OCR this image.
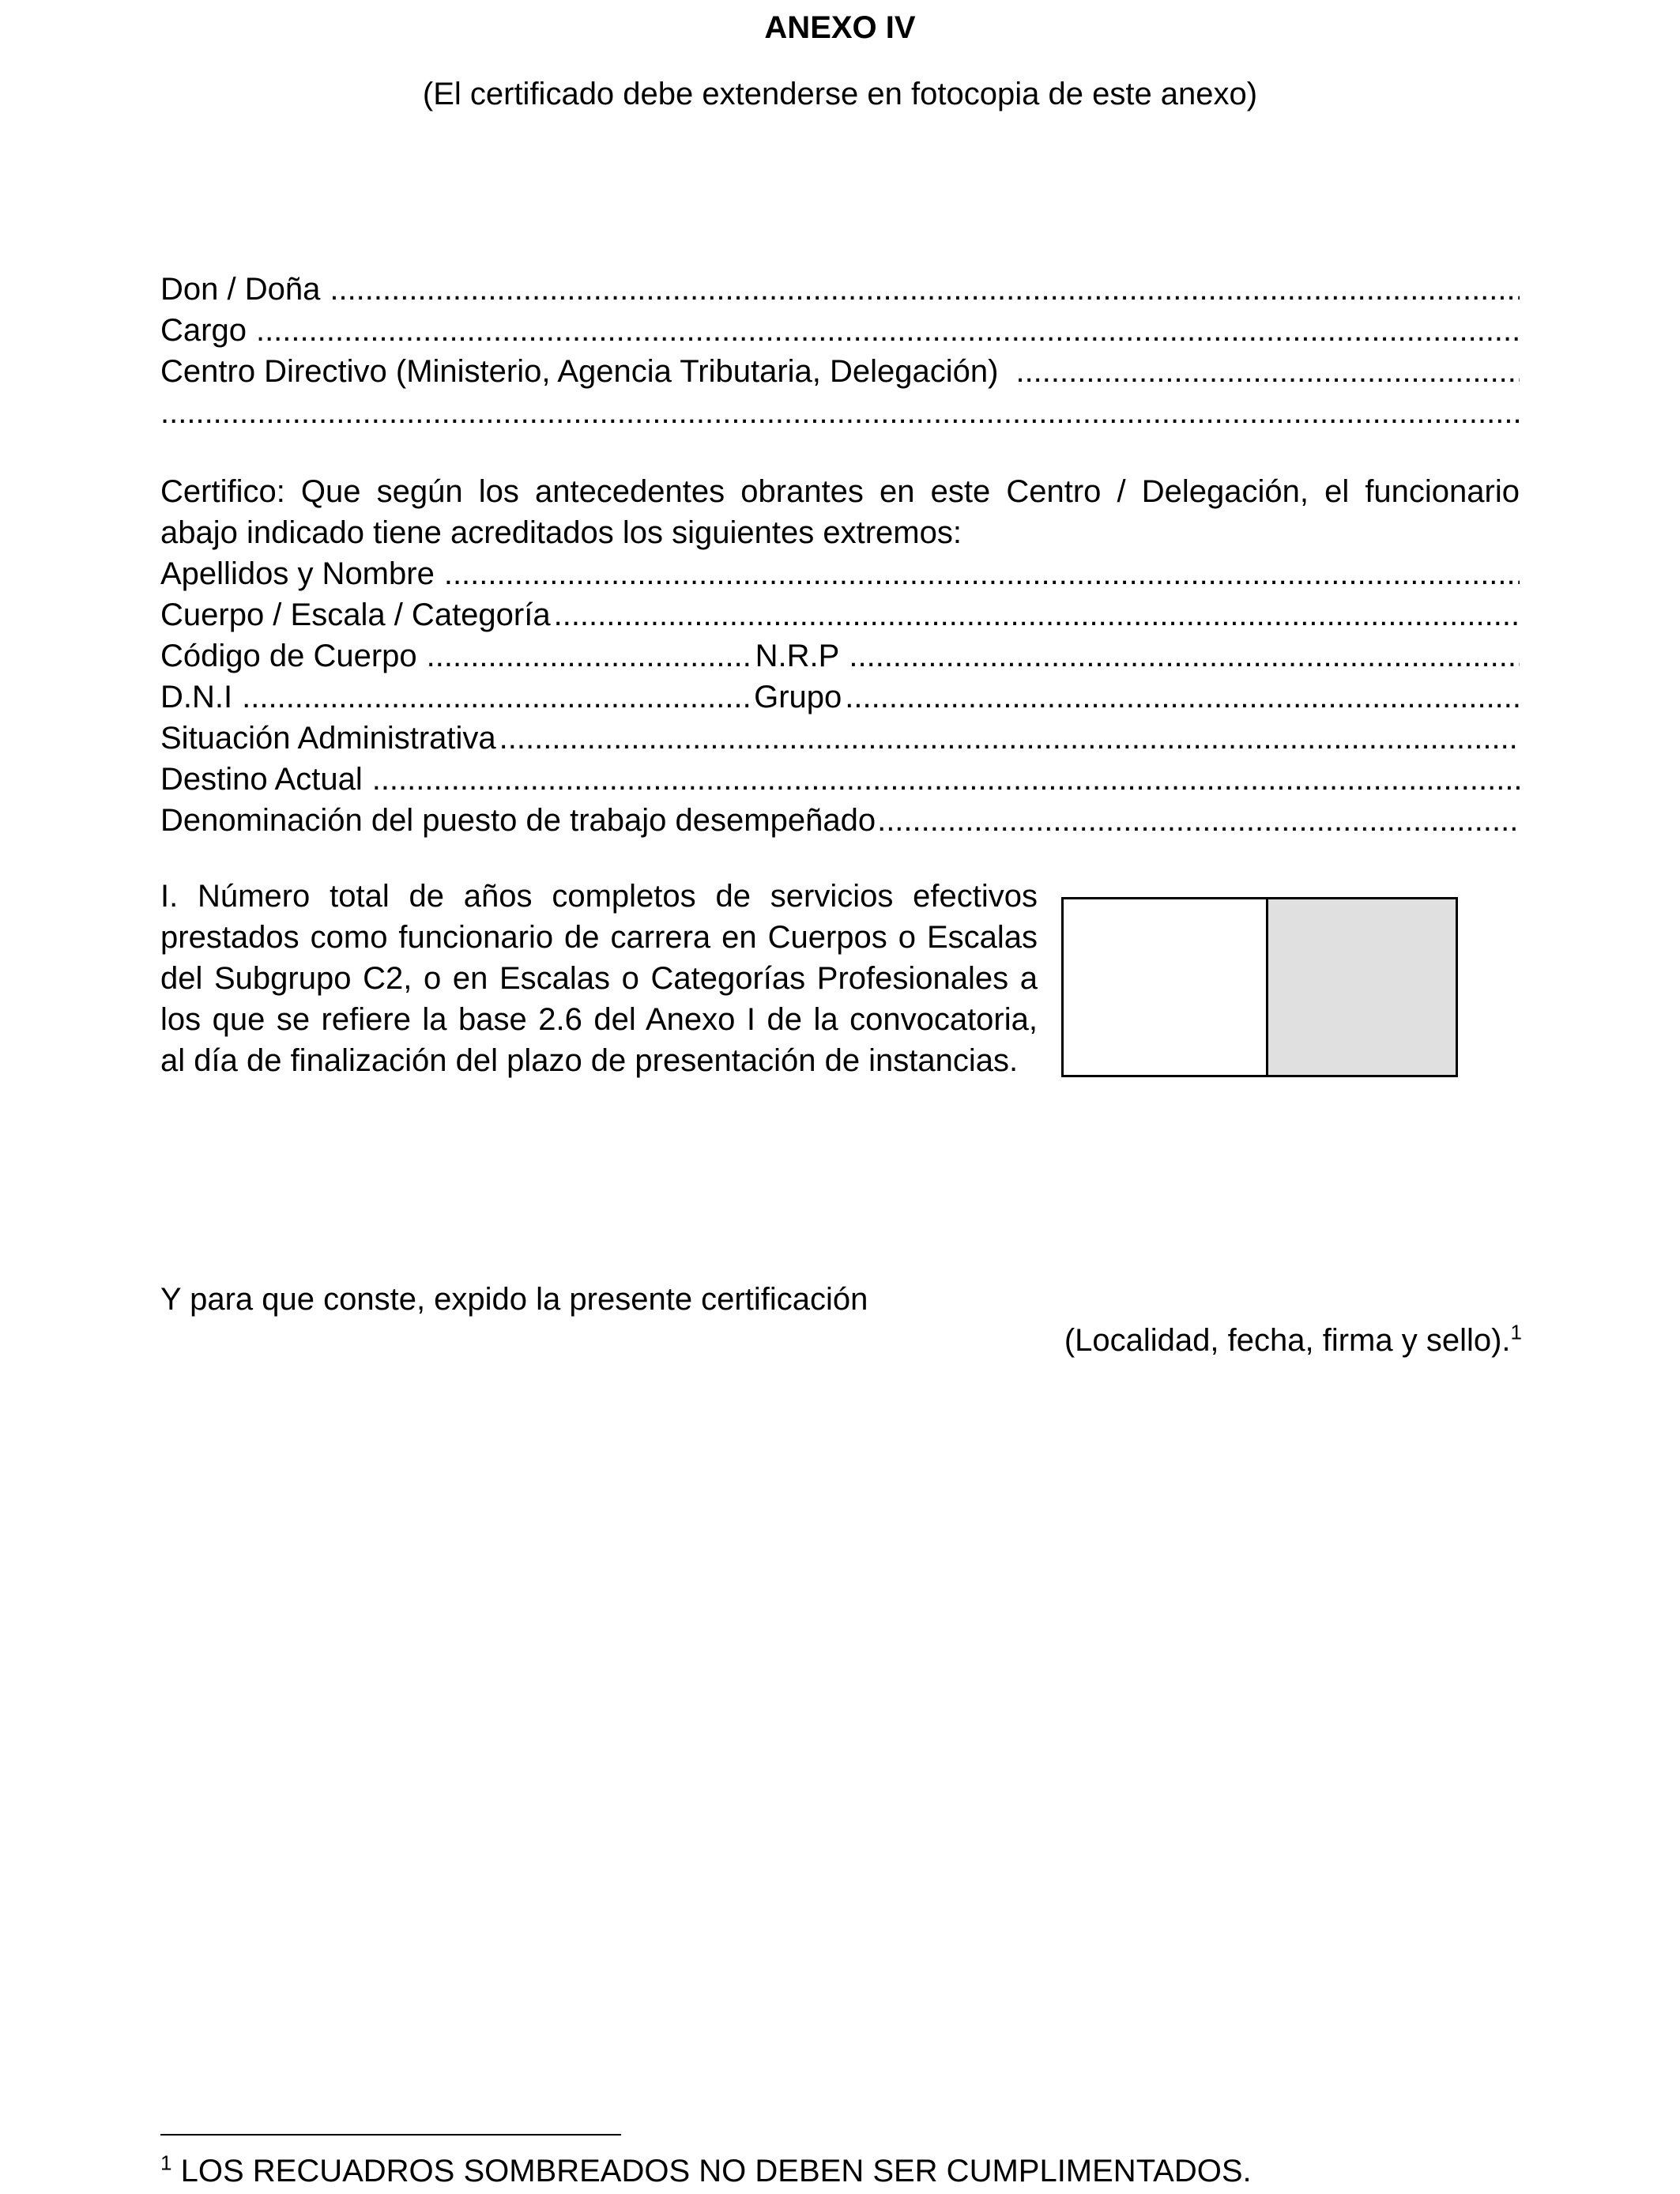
ANEXO IV
(El certificado debe extenderse en fotocopia de este anexo)
Don / Doña
.....
Cargo
.....
Centro Directivo (Ministerio, Agencia Tributaria, Delegación)
.....
.....
Certifico: Que según los antecedentes obrantes en este Centro / Delegación, el funcionario
abajo indicado tiene acreditados los siguientes extremos:
Apellidos y Nombre
.....
Cuerpo / Escala / Categoría
.....
Código de Cuerpo .....	N.R.P
.....
D.N.I .....	Grupo
.....
Situación Administrativa
.....
Destino Actual
.....
Denominación del puesto de trabajo desempeñado
.....
I. Número total de años completos de servicios efectivos
prestados como funcionario de carrera en Cuerpos o Escalas
del Subgrupo C2, o en Escalas o Categorías Profesionales a
los que se refiere la base 2.6 del Anexo I de la convocatoria,
al día de finalización del plazo de presentación de instancias.
Y para que conste, expido la presente certificación
(Localidad, fecha, firma y sello).$^1$
$^1$ LOS RECUADROS SOMBREADOS NO DEBEN SER CUMPLIMENTADOS.
